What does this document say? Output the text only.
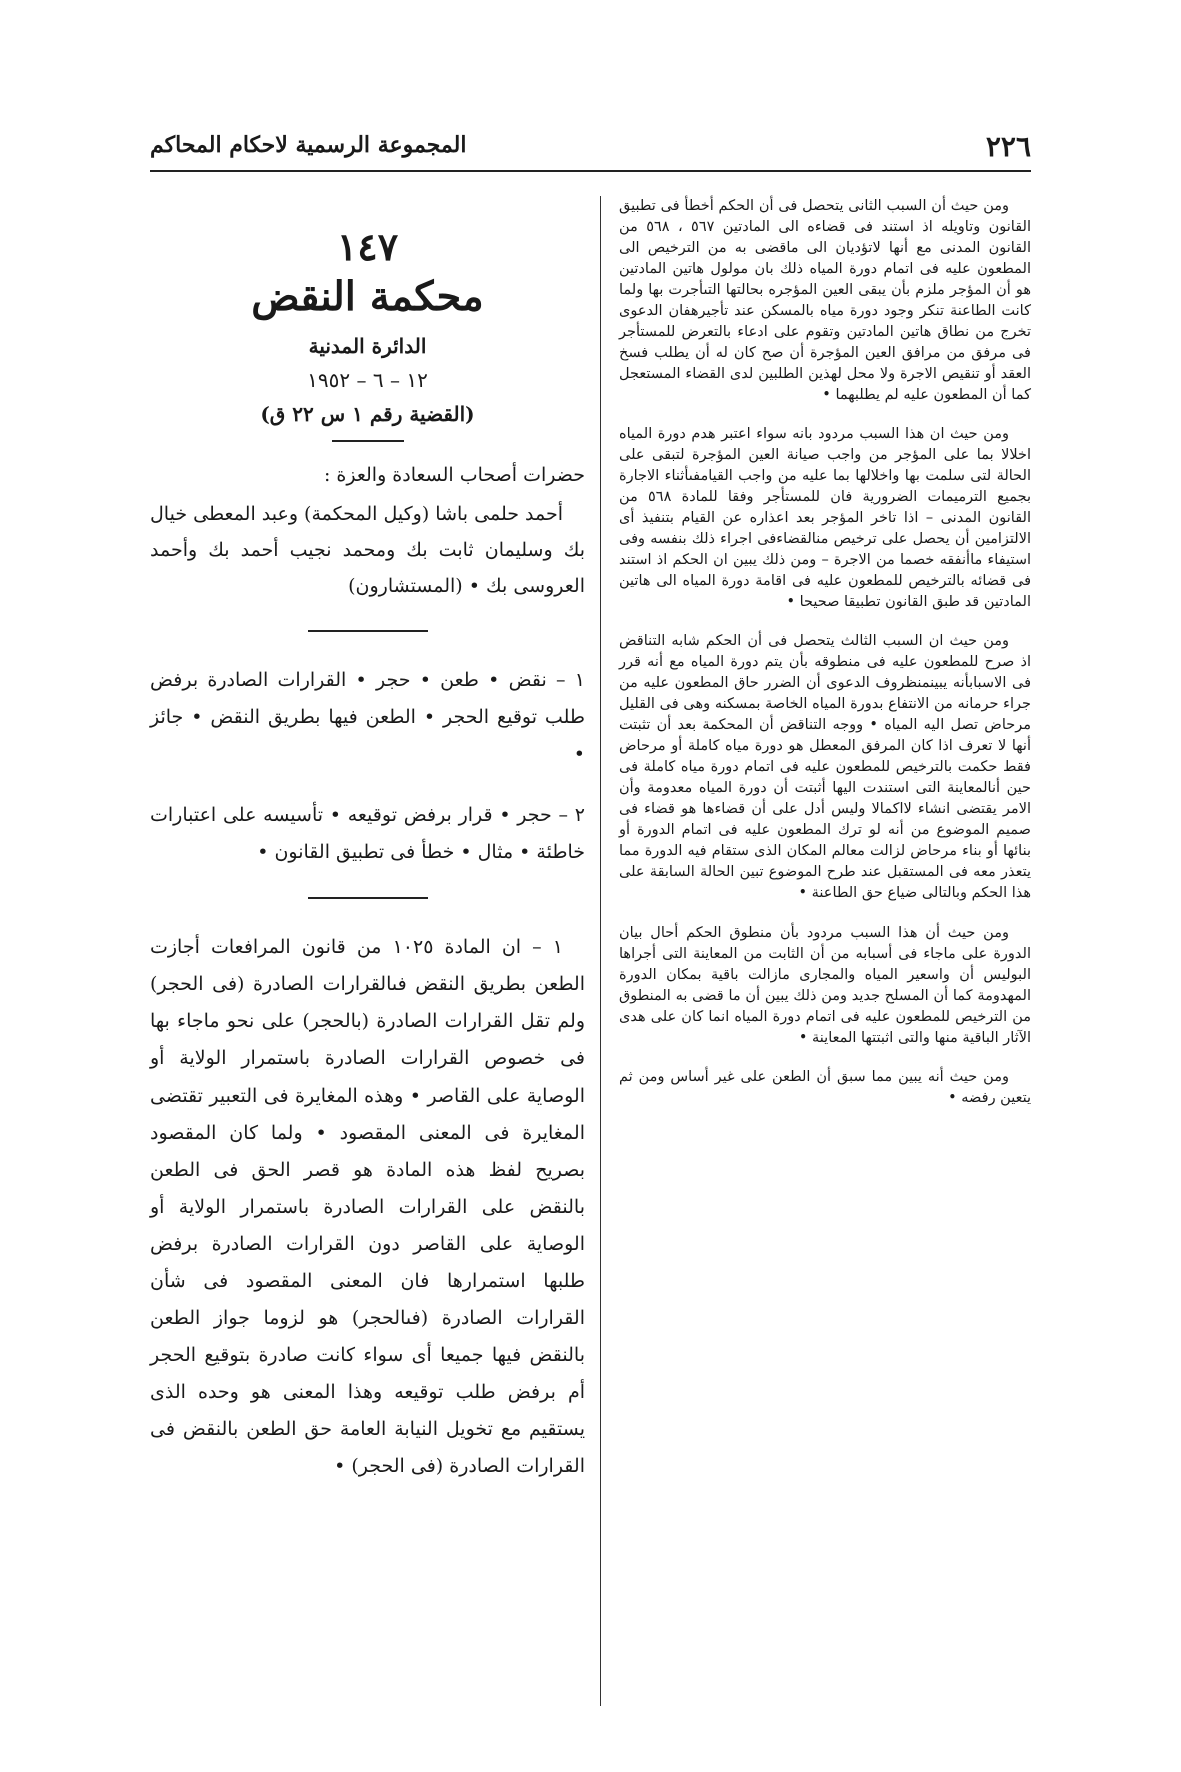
٢٢٦
المجموعة الرسمية لاحكام المحاكم

ومن حيث أن السبب الثانى يتحصل فى أن الحكم أخطأ فى تطبيق القانون وتاويله اذ استند فى قضاءه الى المادتين ٥٦٧ ، ٥٦٨ من القانون المدنى مع أنها لاتؤديان الى ماقضى به من الترخيص الى المطعون عليه فى اتمام دورة المياه ذلك بان مولول هاتين المادتين هو أن المؤجر ملزم بأن يبقى العين المؤجره بحالتها التىأجرت بها ولما كانت الطاعنة تنكر وجود دورة مياه بالمسكن عند تأجيرهفان الدعوى تخرج من نطاق هاتين المادتين وتقوم على ادعاء بالتعرض للمستأجر فى مرفق من مرافق العين المؤجرة أن صح كان له أن يطلب فسخ العقد أو تنقيص الاجرة ولا محل لهذين الطلبين لدى القضاء المستعجل كما أن المطعون عليه لم يطلبهما •

ومن حيث ان هذا السبب مردود بانه سواء اعتبر هدم دورة المياه اخلالا بما على المؤجر من واجب صيانة العين المؤجرة لتبقى على الحالة لتى سلمت بها واخلالها بما عليه من واجب القيامفىأثناء الاجارة بجميع الترميمات الضرورية فان للمستأجر وفقا للمادة ٥٦٨ من القانون المدنى – اذا تاخر المؤجر بعد اعذاره عن القيام بتنفيذ أى الالتزامين أن يحصل على ترخيص منالقضاءفى اجراء ذلك بنفسه وفى استيفاء ماأنفقه خصما من الاجرة – ومن ذلك يبين ان الحكم اذ استند فى قضائه بالترخيص للمطعون عليه فى اقامة دورة المياه الى هاتين المادتين قد طبق القانون تطبيقا صحيحا •

ومن حيث ان السبب الثالث يتحصل فى أن الحكم شابه التناقض اذ صرح للمطعون عليه فى منطوقه بأن يتم دورة المياه مع أنه قرر فى الاسبابأنه يبينمنظروف الدعوى أن الضرر حاق المطعون عليه من جراء حرمانه من الانتفاع بدورة المياه الخاصة بمسكنه وهى فى القليل مرحاض تصل اليه المياه • ووجه التناقض أن المحكمة بعد أن تثبتت أنها لا تعرف اذا كان المرفق المعطل هو دورة مياه كاملة أو مرحاض فقط حكمت بالترخيص للمطعون عليه فى اتمام دورة مياه كاملة فى حين أنالمعاينة التى استندت اليها أثبتت أن دورة المياه معدومة وأن الامر يقتضى انشاء لااكمالا وليس أدل على أن قضاءها هو قضاء فى صميم الموضوع من أنه لو ترك المطعون عليه فى اتمام الدورة أو بنائها أو بناء مرحاض لزالت معالم المكان الذى ستقام فيه الدورة مما يتعذر معه فى المستقبل عند طرح الموضوع تبين الحالة السابقة على هذا الحكم وبالتالى ضياع حق الطاعنة •

ومن حيث أن هذا السبب مردود بأن منطوق الحكم أحال بيان الدورة على ماجاء فى أسبابه من أن الثابت من المعاينة التى أجراها البوليس أن واسعير المياه والمجارى مازالت باقية بمكان الدورة المهدومة كما أن المسلح جديد ومن ذلك يبين أن ما قضى به المنطوق من الترخيص للمطعون عليه فى اتمام دورة المياه انما كان على هدى الآثار الباقية منها والتى اثبتتها المعاينة •

ومن حيث أنه يبين مما سبق أن الطعن على غير أساس ومن ثم يتعين رفضه •

١٤٧

محكمة النقض

الدائرة المدنية

١٢ – ٦ – ١٩٥٢

(القضية رقم ١ س ٢٢ ق)

حضرات أصحاب السعادة والعزة :

أحمد حلمى باشا (وكيل المحكمة) وعبد المعطى خيال بك وسليمان ثابت بك ومحمد نجيب أحمد بك وأحمد العروسى بك • (المستشارون)

١ – نقض • طعن • حجر • القرارات الصادرة برفض طلب توقيع الحجر • الطعن فيها بطريق النقض • جائز •

٢ – حجر • قرار برفض توقيعه • تأسيسه على اعتبارات خاطئة • مثال • خطأ فى تطبيق القانون •

١ – ان المادة ١٠٢٥ من قانون المرافعات أجازت الطعن بطريق النقض فىالقرارات الصادرة (فى الحجر) ولم تقل القرارات الصادرة (بالحجر) على نحو ماجاء بها فى خصوص القرارات الصادرة باستمرار الولاية أو الوصاية على القاصر • وهذه المغايرة فى التعبير تقتضى المغايرة فى المعنى المقصود • ولما كان المقصود بصريح لفظ هذه المادة هو قصر الحق فى الطعن بالنقض على القرارات الصادرة باستمرار الولاية أو الوصاية على القاصر دون القرارات الصادرة برفض طلبها استمرارها فان المعنى المقصود فى شأن القرارات الصادرة (فىالحجر) هو لزوما جواز الطعن بالنقض فيها جميعا أى سواء كانت صادرة بتوقيع الحجر أم برفض طلب توقيعه وهذا المعنى هو وحده الذى يستقيم مع تخويل النيابة العامة حق الطعن بالنقض فى القرارات الصادرة (فى الحجر) •
